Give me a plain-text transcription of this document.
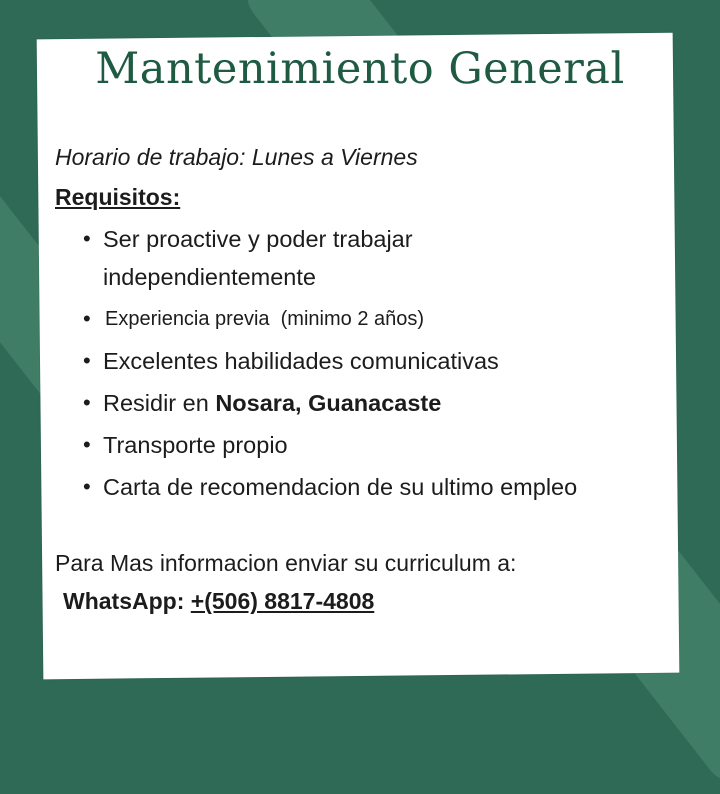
Mantenimiento General
Horario de trabajo: Lunes a Viernes
Requisitos:
• Ser proactive y poder trabajar independientemente
• Experiencia previa  (minimo 2 años)
• Excelentes habilidades comunicativas
• Residir en Nosara, Guanacaste
• Transporte propio
• Carta de recomendacion de su ultimo empleo
Para Mas informacion enviar su curriculum a:
WhatsApp: +(506) 8817-4808
